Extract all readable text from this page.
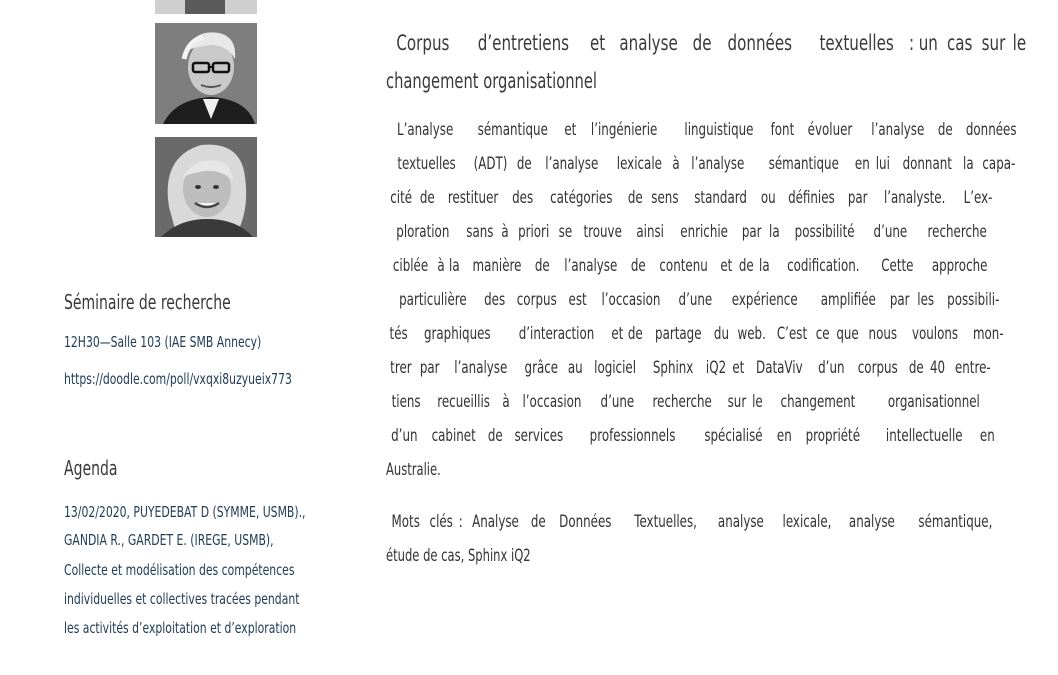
Séminaire de recherche
12H30—Salle 103 (IAE SMB Annecy)
https://doodle.com/poll/vxqxi8uzyueix773
Agenda
13/02/2020, PUYEDEBAT D (SYMME, USMB).,
GANDIA R., GARDET E. (IREGE, USMB),
Collecte et modélisation des compétences
individuelles et collectives tracées pendant
les activités d’exploitation et d’exploration
Corpus d’entretiens et analyse de données textuelles : un cas sur le
changement organisationnel
L’analyse sémantique et l’ingénierie linguistique font évoluer l’analyse de données
textuelles (ADT) de l’analyse lexicale à l’analyse sémantique en lui donnant la capa-
cité de restituer des catégories de sens standard ou définies par l’analyste. L’ex-
ploration sans à priori se trouve ainsi enrichie par la possibilité d’une recherche
ciblée à la manière de l’analyse de contenu et de la codification. Cette approche
particulière des corpus est l’occasion d’une expérience amplifiée par les possibili-
tés graphiques d’interaction et de partage du web. C’est ce que nous voulons mon-
trer par l’analyse grâce au logiciel Sphinx iQ2 et DataViv d’un corpus de 40 entre-
tiens recueillis à l’occasion d’une recherche sur le changement organisationnel
d’un cabinet de services professionnels spécialisé en propriété intellectuelle en
Australie.
Mots clés : Analyse de Données Textuelles, analyse lexicale, analyse sémantique,
étude de cas, Sphinx iQ2
